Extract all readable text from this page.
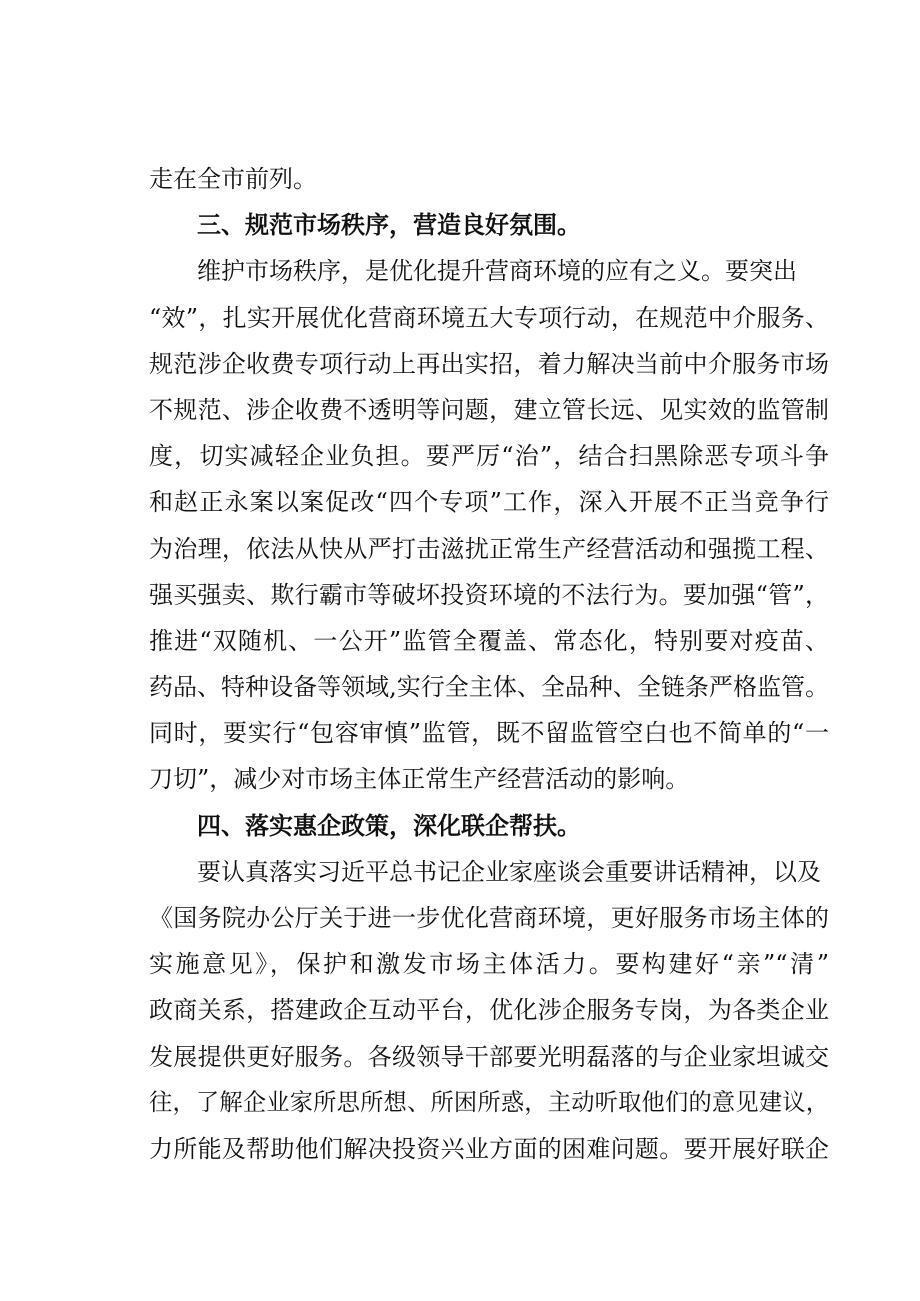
走在全市前列。
三、规范市场秩序，营造良好氛围。
维护市场秩序，是优化提升营商环境的应有之义。要突出
“效”，扎实开展优化营商环境五大专项行动，在规范中介服务、
规范涉企收费专项行动上再出实招，着力解决当前中介服务市场
不规范、涉企收费不透明等问题，建立管长远、见实效的监管制
度，切实减轻企业负担。要严厉“治”，结合扫黑除恶专项斗争
和赵正永案以案促改“四个专项”工作，深入开展不正当竞争行
为治理，依法从快从严打击滋扰正常生产经营活动和强揽工程、
强买强卖、欺行霸市等破坏投资环境的不法行为。要加强“管”，
推进“双随机、一公开”监管全覆盖、常态化，特别要对疫苗、
药品、特种设备等领域,实行全主体、全品种、全链条严格监管。
同时，要实行“包容审慎”监管，既不留监管空白也不简单的“一
刀切”，减少对市场主体正常生产经营活动的影响。
四、落实惠企政策，深化联企帮扶。
要认真落实习近平总书记企业家座谈会重要讲话精神，以及
《国务院办公厅关于进一步优化营商环境，更好服务市场主体的
实施意见》，保护和激发市场主体活力。要构建好“亲”“清”
政商关系，搭建政企互动平台，优化涉企服务专岗，为各类企业
发展提供更好服务。各级领导干部要光明磊落的与企业家坦诚交
往，了解企业家所思所想、所困所惑，主动听取他们的意见建议，
力所能及帮助他们解决投资兴业方面的困难问题。要开展好联企
